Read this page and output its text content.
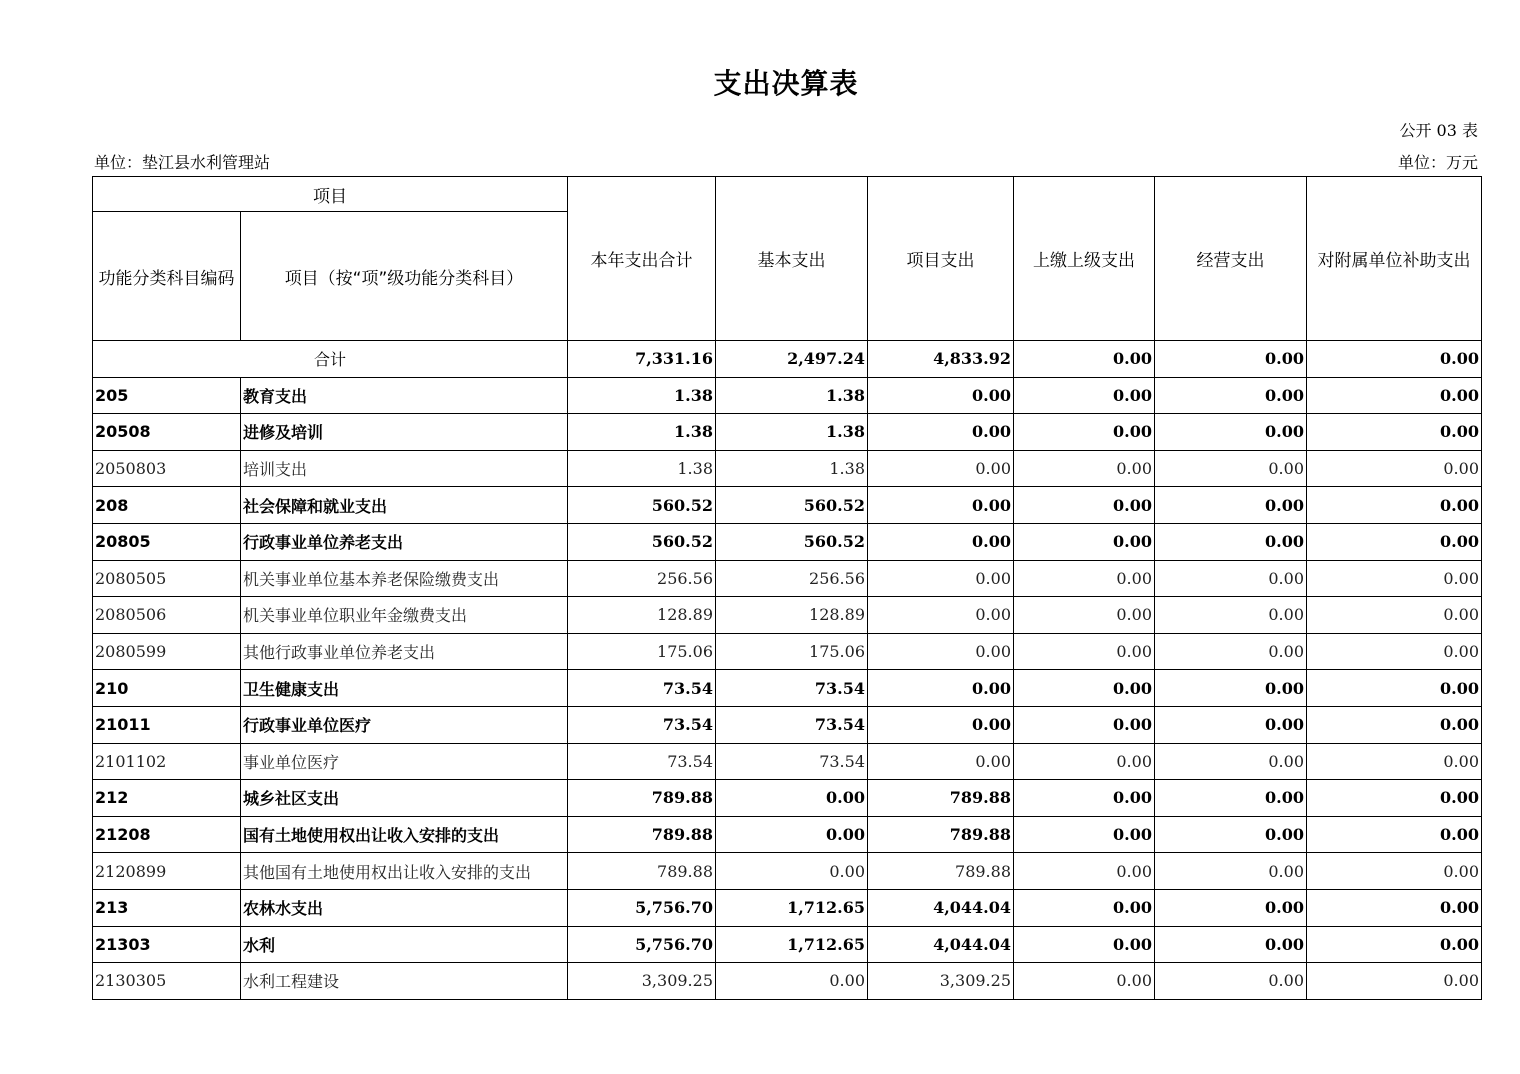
支出决算表
公开 03 表
单位：垫江县水利管理站	单位：万元
项目		本年支出合计	基本支出	项目支出	上缴上级支出	经营支出	对附属单位补助支出
功能分类科目编码	项目（按“项”级功能分类科目）						
合计		7,331.16	2,497.24	4,833.92	0.00	0.00	0.00
205	教育支出	1.38	1.38	0.00	0.00	0.00	0.00
20508	进修及培训	1.38	1.38	0.00	0.00	0.00	0.00
2050803	培训支出	1.38	1.38	0.00	0.00	0.00	0.00
208	社会保障和就业支出	560.52	560.52	0.00	0.00	0.00	0.00
20805	行政事业单位养老支出	560.52	560.52	0.00	0.00	0.00	0.00
2080505	机关事业单位基本养老保险缴费支出	256.56	256.56	0.00	0.00	0.00	0.00
2080506	机关事业单位职业年金缴费支出	128.89	128.89	0.00	0.00	0.00	0.00
2080599	其他行政事业单位养老支出	175.06	175.06	0.00	0.00	0.00	0.00
210	卫生健康支出	73.54	73.54	0.00	0.00	0.00	0.00
21011	行政事业单位医疗	73.54	73.54	0.00	0.00	0.00	0.00
2101102	事业单位医疗	73.54	73.54	0.00	0.00	0.00	0.00
212	城乡社区支出	789.88	0.00	789.88	0.00	0.00	0.00
21208	国有土地使用权出让收入安排的支出	789.88	0.00	789.88	0.00	0.00	0.00
2120899	其他国有土地使用权出让收入安排的支出	789.88	0.00	789.88	0.00	0.00	0.00
213	农林水支出	5,756.70	1,712.65	4,044.04	0.00	0.00	0.00
21303	水利	5,756.70	1,712.65	4,044.04	0.00	0.00	0.00
2130305	水利工程建设	3,309.25	0.00	3,309.25	0.00	0.00	0.00
